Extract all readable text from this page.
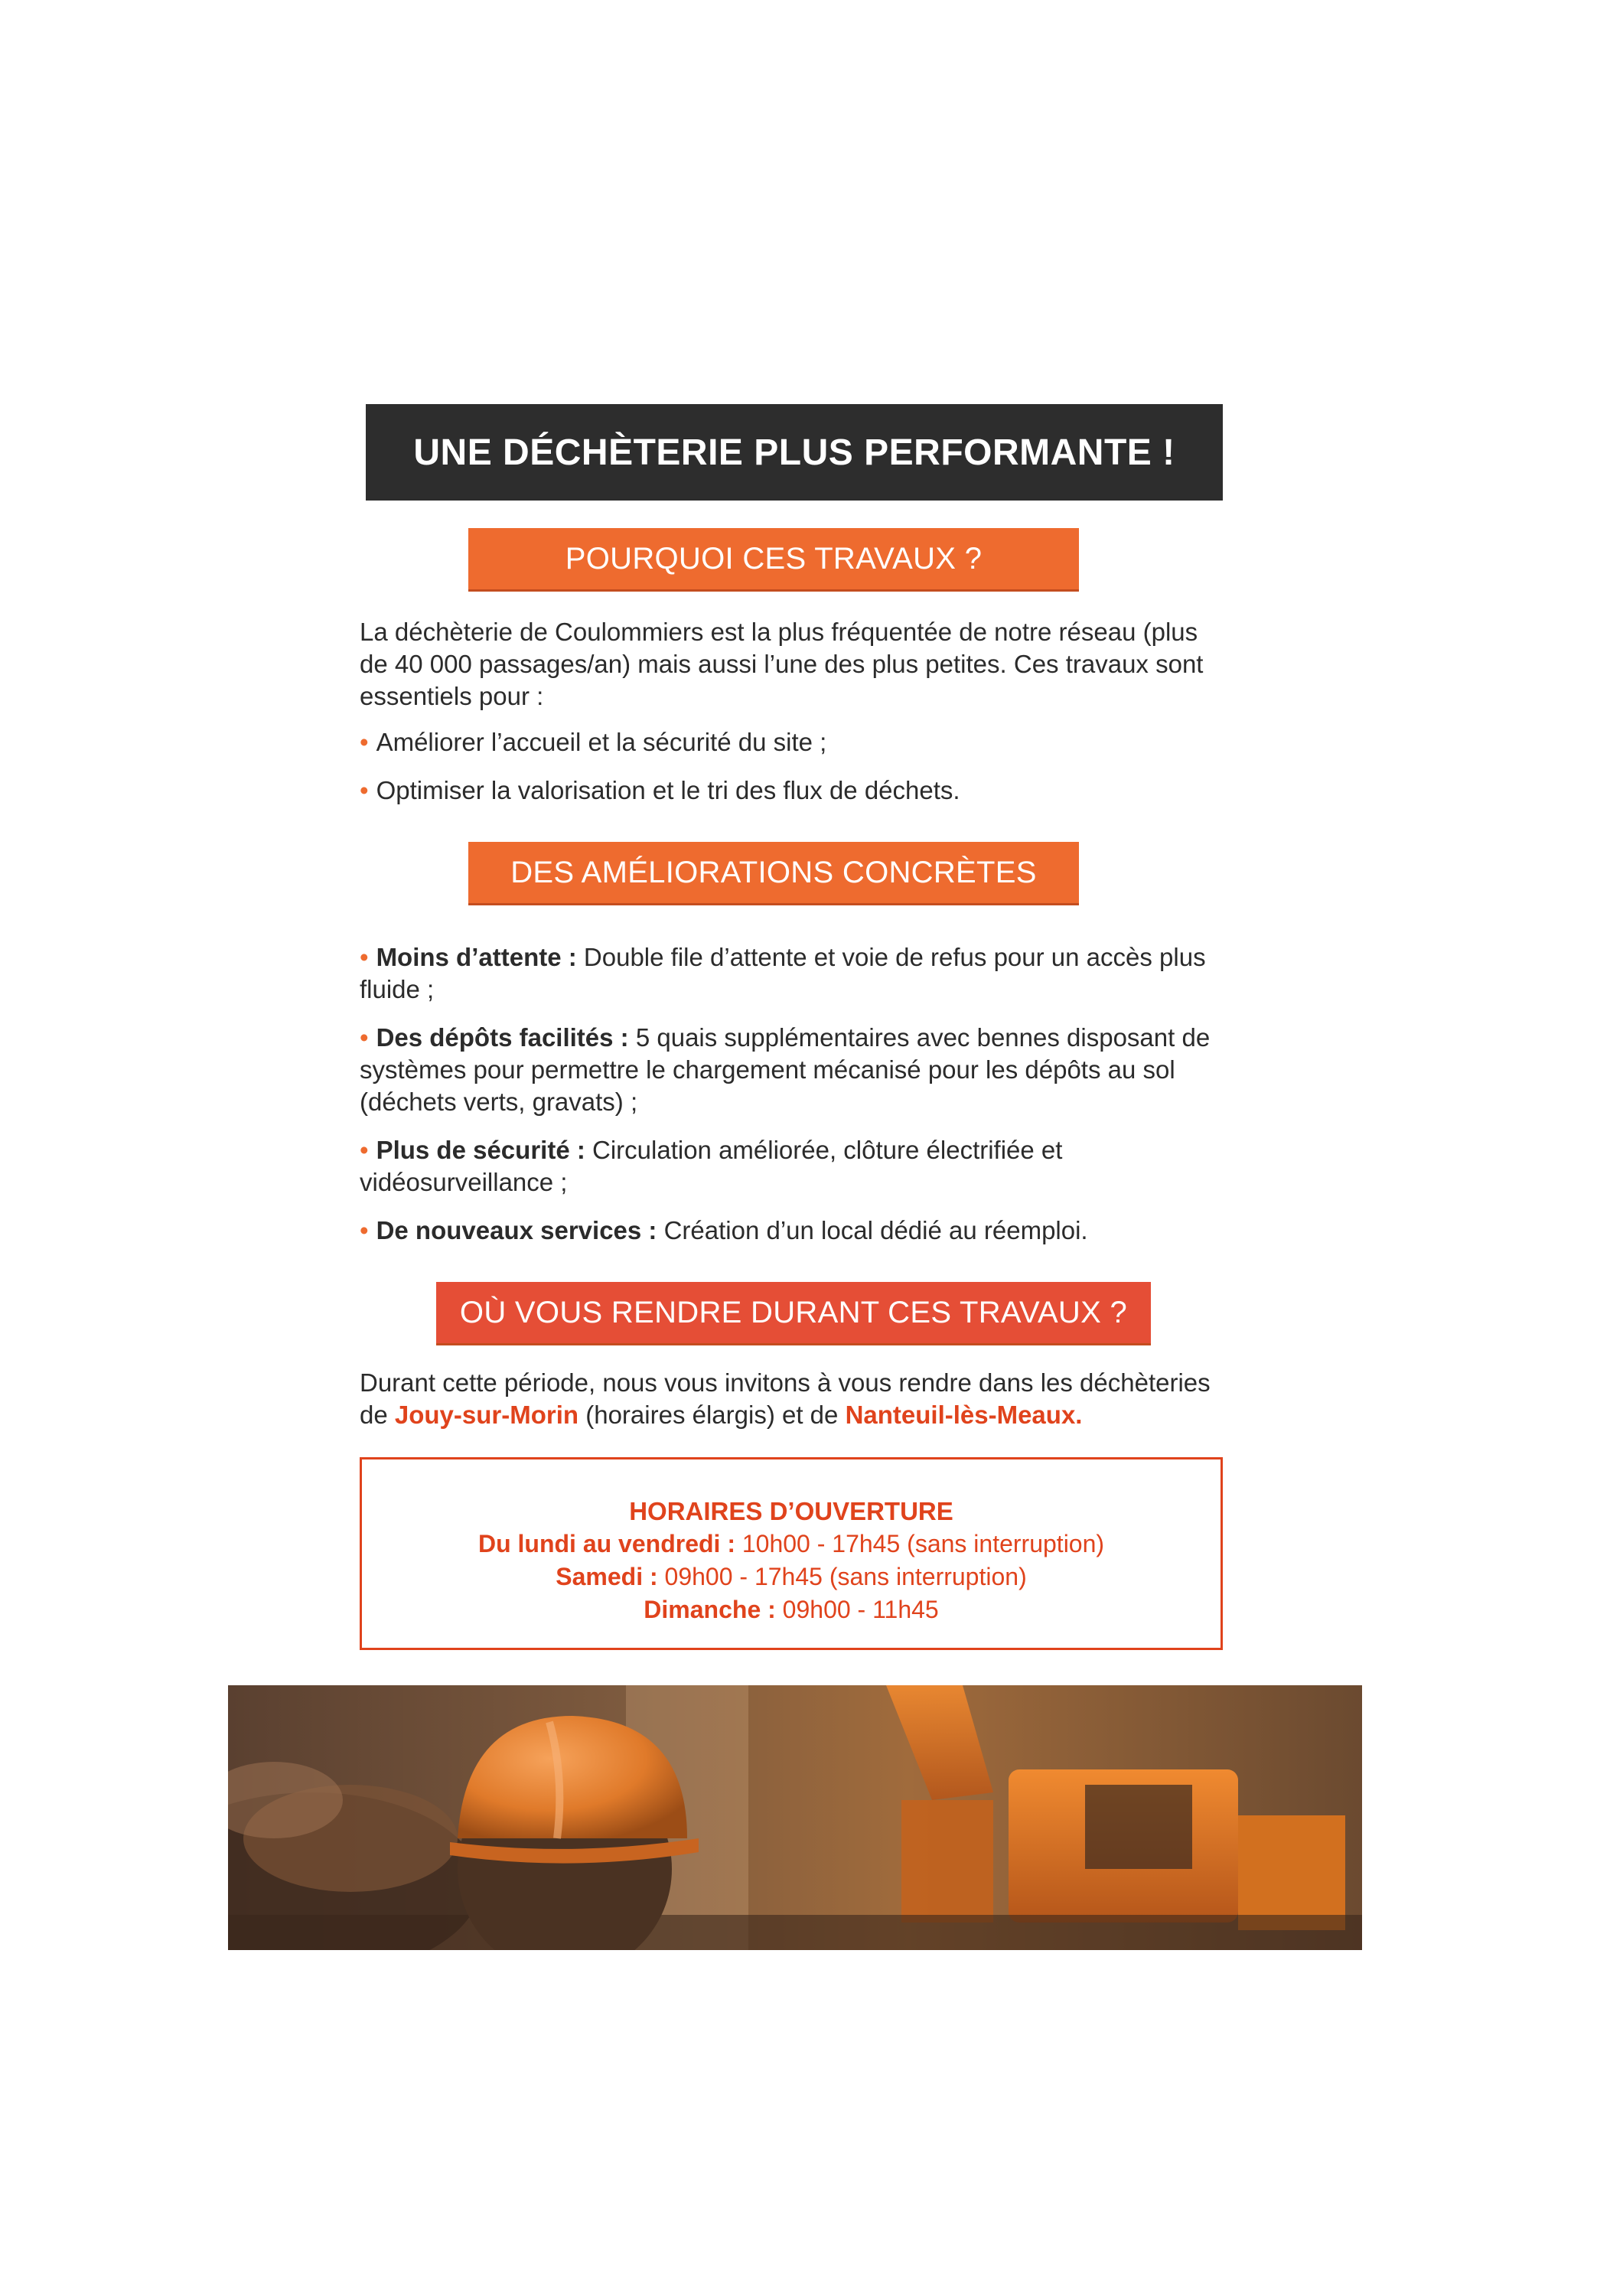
UNE DÉCHÈTERIE PLUS PERFORMANTE !
POURQUOI CES TRAVAUX ?

La déchèterie de Coulommiers est la plus fréquentée de notre réseau (plus de 40 000 passages/an) mais aussi l’une des plus petites. Ces travaux sont essentiels pour :

• Améliorer l’accueil et la sécurité du site ;

• Optimiser la valorisation et le tri des flux de déchets.

DES AMÉLIORATIONS CONCRÈTES

• Moins d’attente : Double file d’attente et voie de refus pour un accès plus fluide ;

• Des dépôts facilités : 5 quais supplémentaires avec bennes disposant de systèmes pour permettre le chargement mécanisé pour les dépôts au sol (déchets verts, gravats) ;

• Plus de sécurité : Circulation améliorée, clôture électrifiée et vidéosurveillance ;

• De nouveaux services : Création d’un local dédié au réemploi.

OÙ VOUS RENDRE DURANT CES TRAVAUX ?

Durant cette période, nous vous invitons à vous rendre dans les déchèteries de Jouy-sur-Morin (horaires élargis) et de Nanteuil-lès-Meaux.

HORAIRES D’OUVERTURE
Du lundi au vendredi : 10h00 - 17h45 (sans interruption)
Samedi : 09h00 - 17h45 (sans interruption)
Dimanche : 09h00 - 11h45
